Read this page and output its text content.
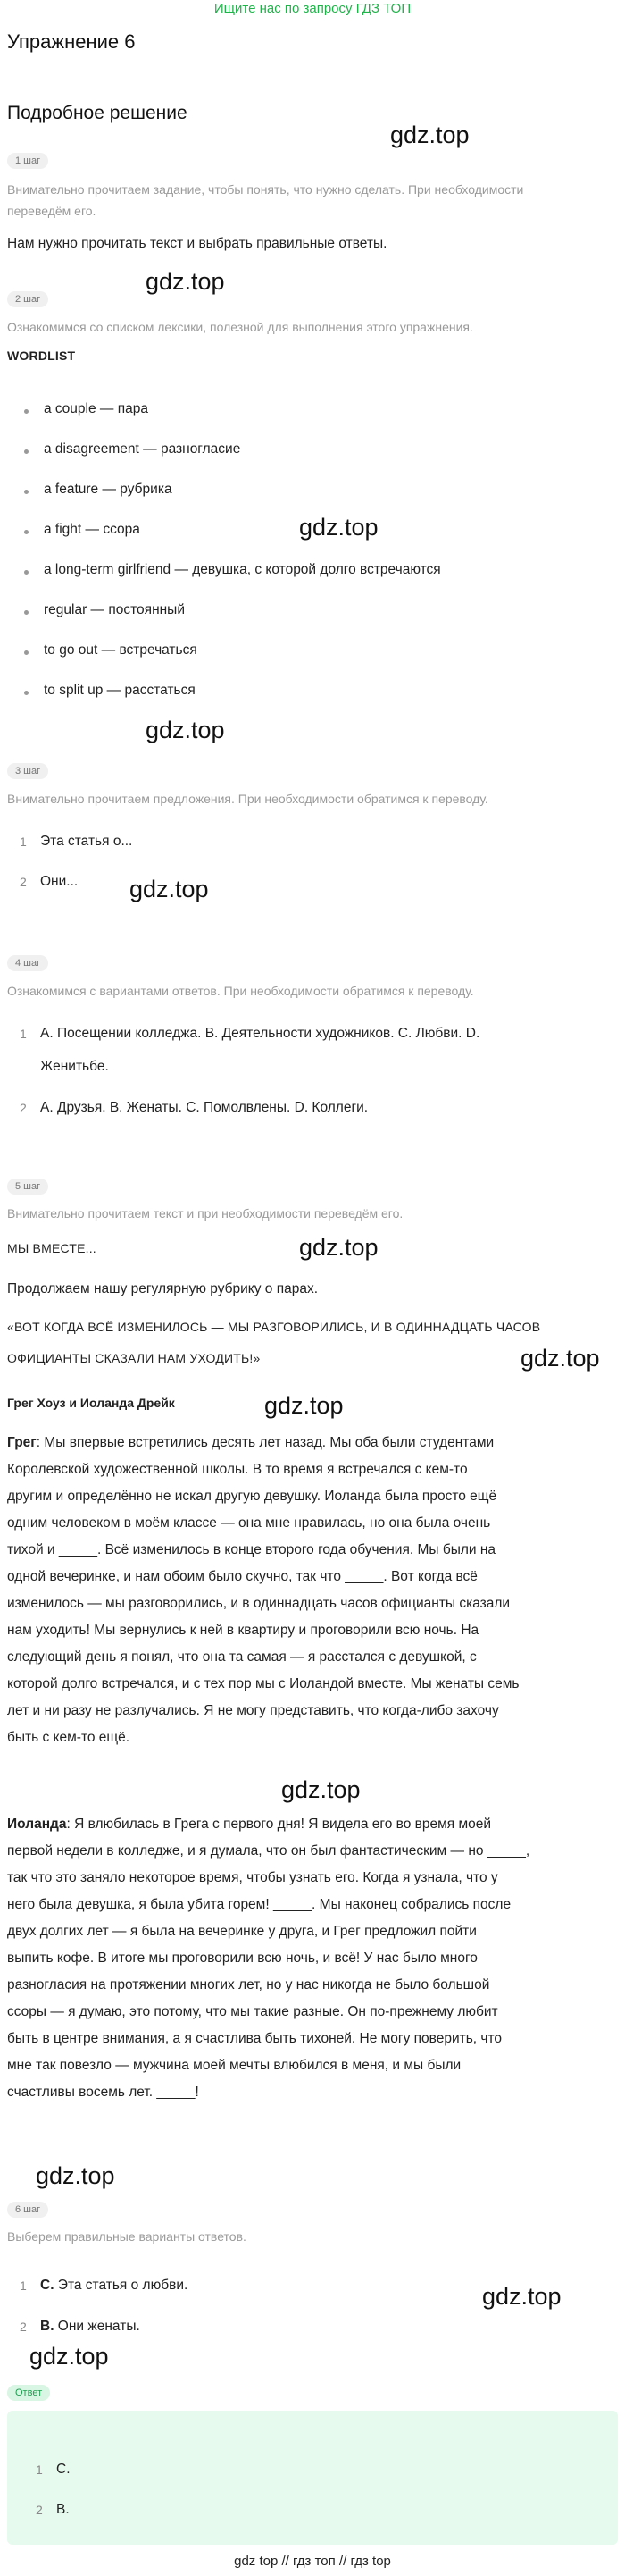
Ищите нас по запросу ГДЗ ТОП
Упражнение 6
Подробное решение
gdz.top
gdz.top
gdz.top
gdz.top
gdz.top
gdz.top
gdz.top
gdz.top
gdz.top
gdz.top
gdz.top
gdz.top
1 шаг
Внимательно прочитаем задание, чтобы понять, что нужно сделать. При необходимости
переведём его.
Нам нужно прочитать текст и выбрать правильные ответы.
2 шаг
Ознакомимся со списком лексики, полезной для выполнения этого упражнения.
WORDLIST
a couple — пара
a disagreement — разногласие
a feature — рубрика
a fight — ссора
a long-term girlfriend — девушка, с которой долго встречаются
regular — постоянный
to go out — встречаться
to split up — расстаться
3 шаг
Внимательно прочитаем предложения. При необходимости обратимся к переводу.
1 Эта статья о...
2 Они...
4 шаг
Ознакомимся с вариантами ответов. При необходимости обратимся к переводу.
1 А. Посещении колледжа. B. Деятельности художников. C. Любви. D.
Женитьбе.
2 А. Друзья. B. Женаты. C. Помолвлены. D. Коллеги.
5 шаг
Внимательно прочитаем текст и при необходимости переведём его.
МЫ ВМЕСТЕ...
Продолжаем нашу регулярную рубрику о парах.
«ВОТ КОГДА ВСЁ ИЗМЕНИЛОСЬ — МЫ РАЗГОВОРИЛИСЬ, И В ОДИННАДЦАТЬ ЧАСОВ
ОФИЦИАНТЫ СКАЗАЛИ НАМ УХОДИТЬ!»
Грег Хоуз и Иоланда Дрейк
Грег: Мы впервые встретились десять лет назад. Мы оба были студентами
Королевской художественной школы. В то время я встречался с кем-то
другим и определённо не искал другую девушку. Иоланда была просто ещё
одним человеком в моём классе — она мне нравилась, но она была очень
тихой и _____. Всё изменилось в конце второго года обучения. Мы были на
одной вечеринке, и нам обоим было скучно, так что _____. Вот когда всё
изменилось — мы разговорились, и в одиннадцать часов официанты сказали
нам уходить! Мы вернулись к ней в квартиру и проговорили всю ночь. На
следующий день я понял, что она та самая — я расстался с девушкой, с
которой долго встречался, и с тех пор мы с Иоландой вместе. Мы женаты семь
лет и ни разу не разлучались. Я не могу представить, что когда-либо захочу
быть с кем-то ещё.
Иоланда: Я влюбилась в Грега с первого дня! Я видела его во время моей
первой недели в колледже, и я думала, что он был фантастическим — но _____,
так что это заняло некоторое время, чтобы узнать его. Когда я узнала, что у
него была девушка, я была убита горем! _____. Мы наконец собрались после
двух долгих лет — я была на вечеринке у друга, и Грег предложил пойти
выпить кофе. В итоге мы проговорили всю ночь, и всё! У нас было много
разногласия на протяжении многих лет, но у нас никогда не было большой
ссоры — я думаю, это потому, что мы такие разные. Он по-прежнему любит
быть в центре внимания, а я счастлива быть тихоней. Не могу поверить, что
мне так повезло — мужчина моей мечты влюбился в меня, и мы были
счастливы восемь лет. _____!
6 шаг
Выберем правильные варианты ответов.
1 C. Эта статья о любви.
2 B. Они женаты.
Ответ
1 C.
2 B.
gdz top // гдз топ // гдз top
